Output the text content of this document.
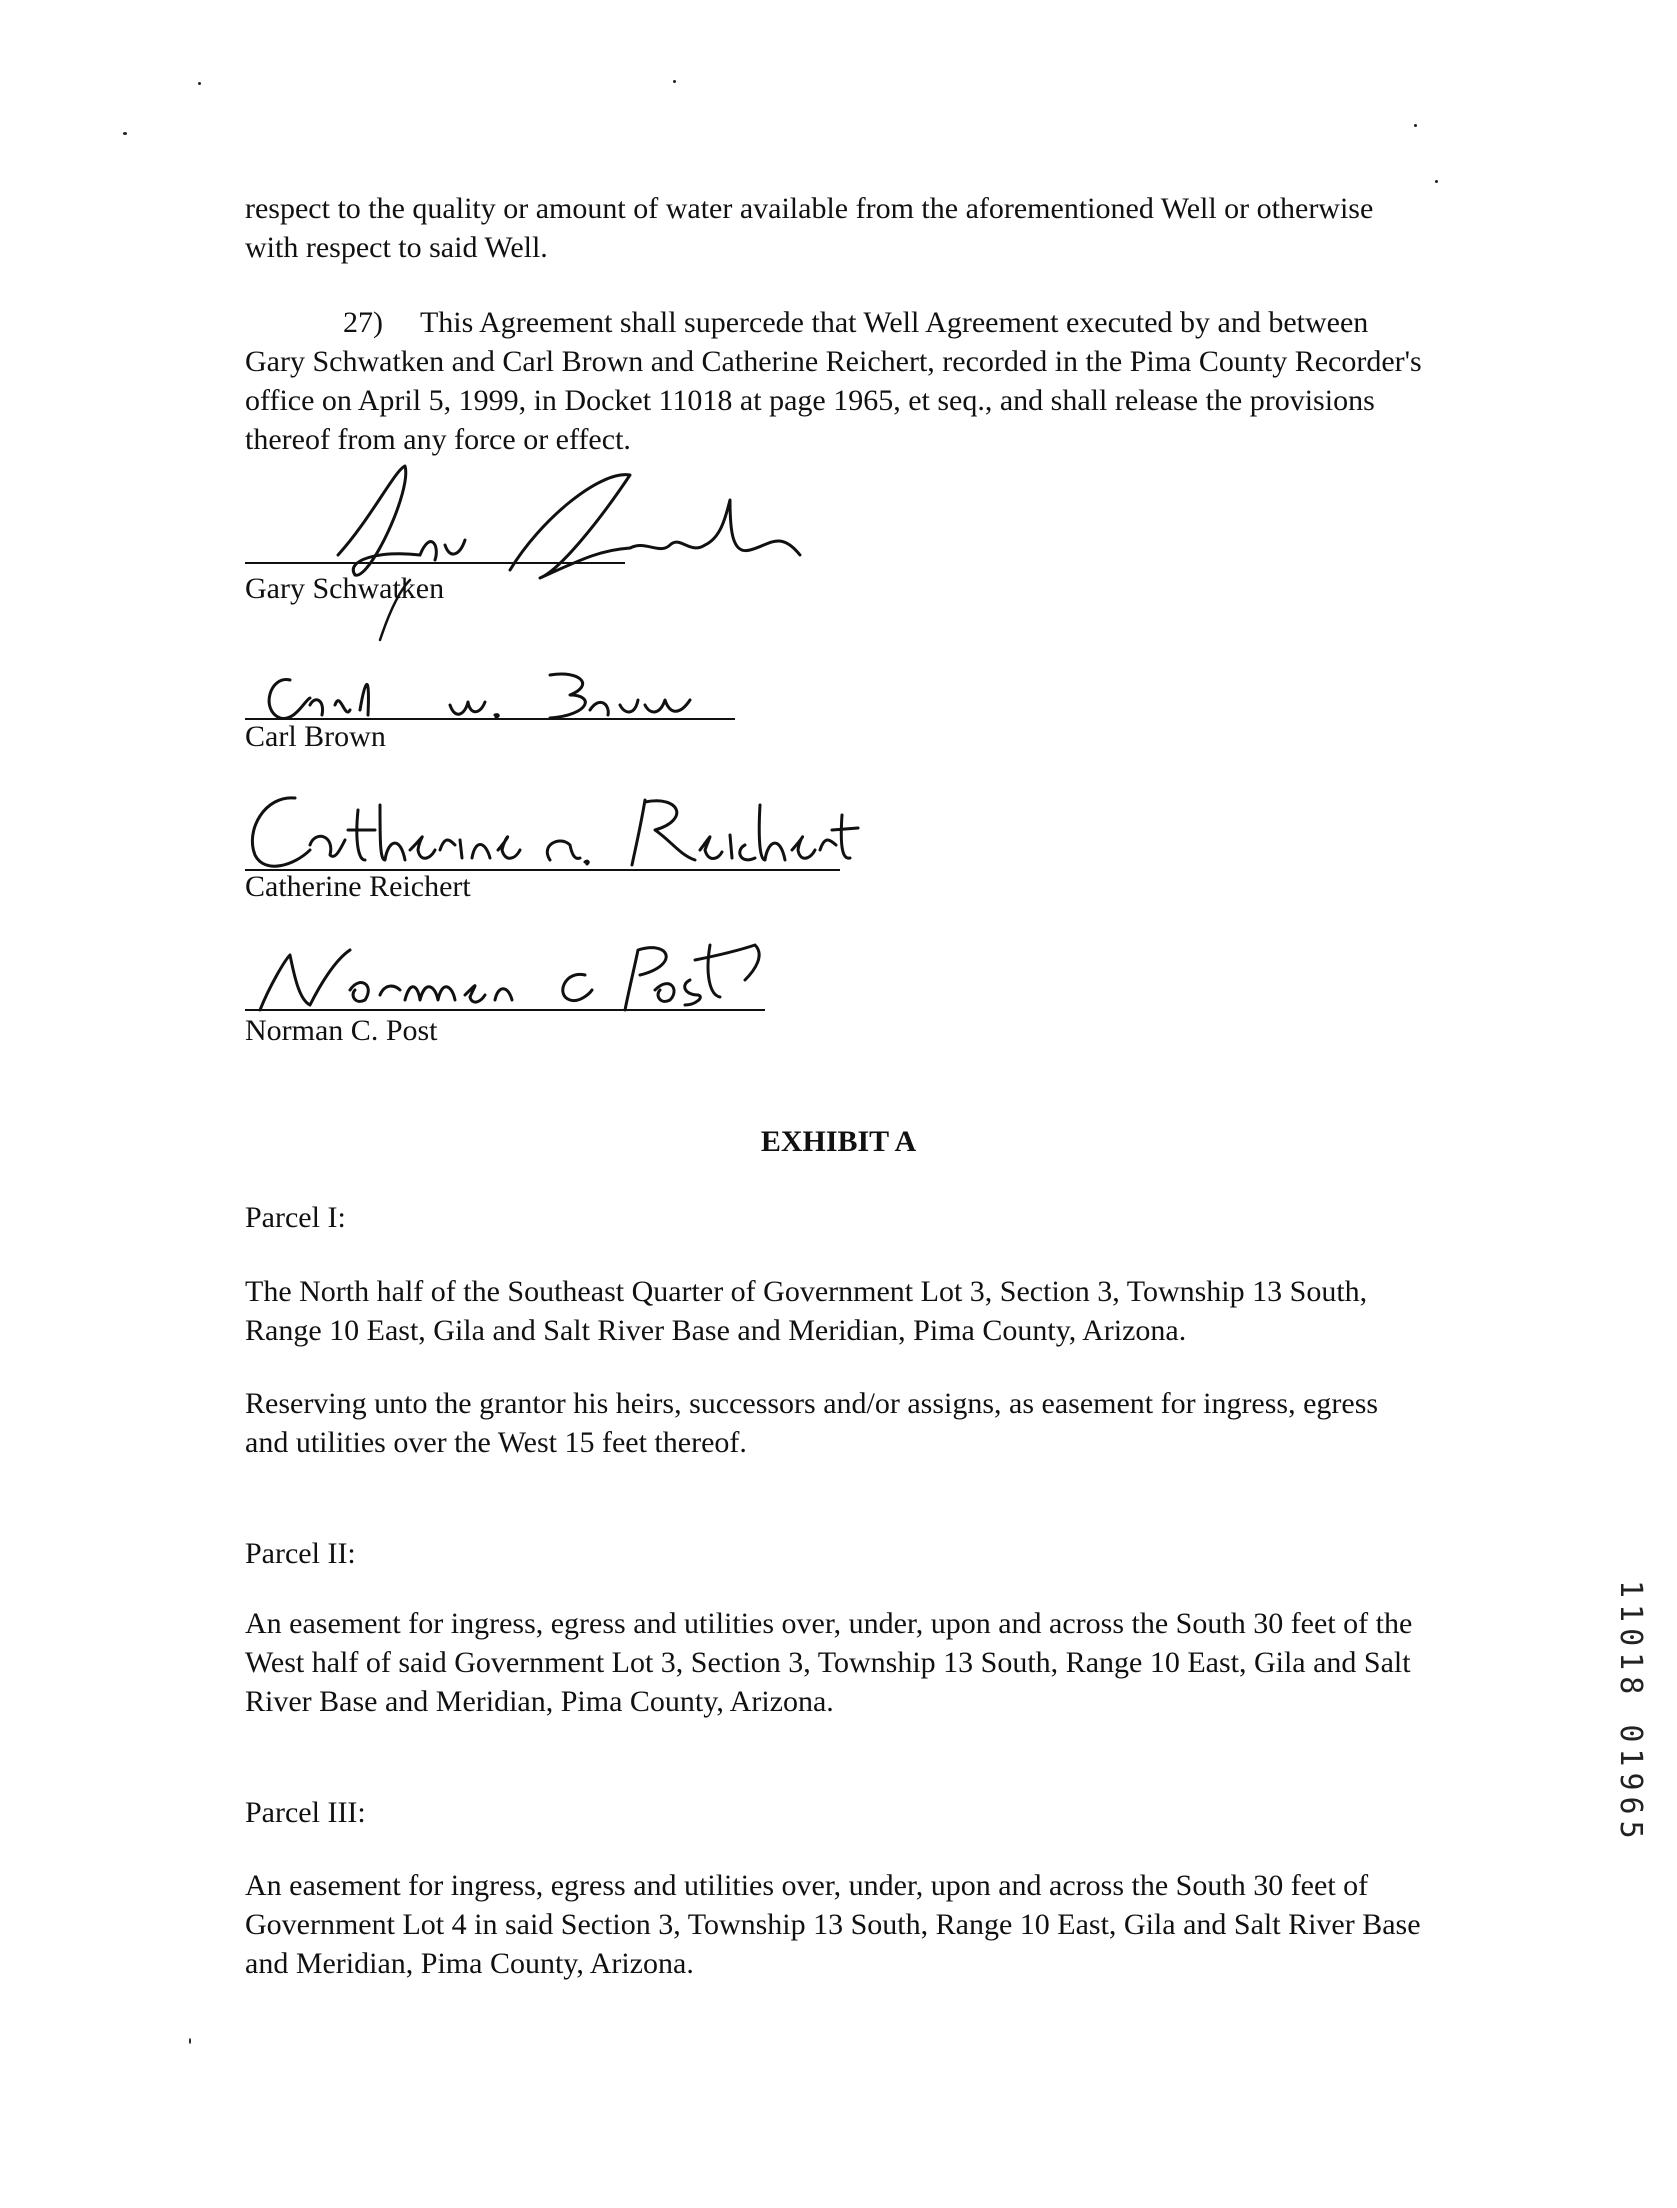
respect to the quality or amount of water available from the aforementioned Well or otherwise with respect to said Well.

27)  This Agreement shall supercede that Well Agreement executed by and between Gary Schwatken and Carl Brown and Catherine Reichert, recorded in the Pima County Recorder's office on April 5, 1999, in Docket 11018 at page 1965, et seq., and shall release the provisions thereof from any force or effect.

Gary Schwatken

Carl Brown

Catherine Reichert

Norman C. Post

EXHIBIT A

Parcel I:

The North half of the Southeast Quarter of Government Lot 3, Section 3, Township 13 South, Range 10 East, Gila and Salt River Base and Meridian, Pima County, Arizona.

Reserving unto the grantor his heirs, successors and/or assigns, as easement for ingress, egress and utilities over the West 15 feet thereof.

Parcel II:

An easement for ingress, egress and utilities over, under, upon and across the South 30 feet of the West half of said Government Lot 3, Section 3, Township 13 South, Range 10 East, Gila and Salt River Base and Meridian, Pima County, Arizona.

Parcel III:

An easement for ingress, egress and utilities over, under, upon and across the South 30 feet of Government Lot 4 in said Section 3, Township 13 South, Range 10 East, Gila and Salt River Base and Meridian, Pima County, Arizona.

11018 01965
